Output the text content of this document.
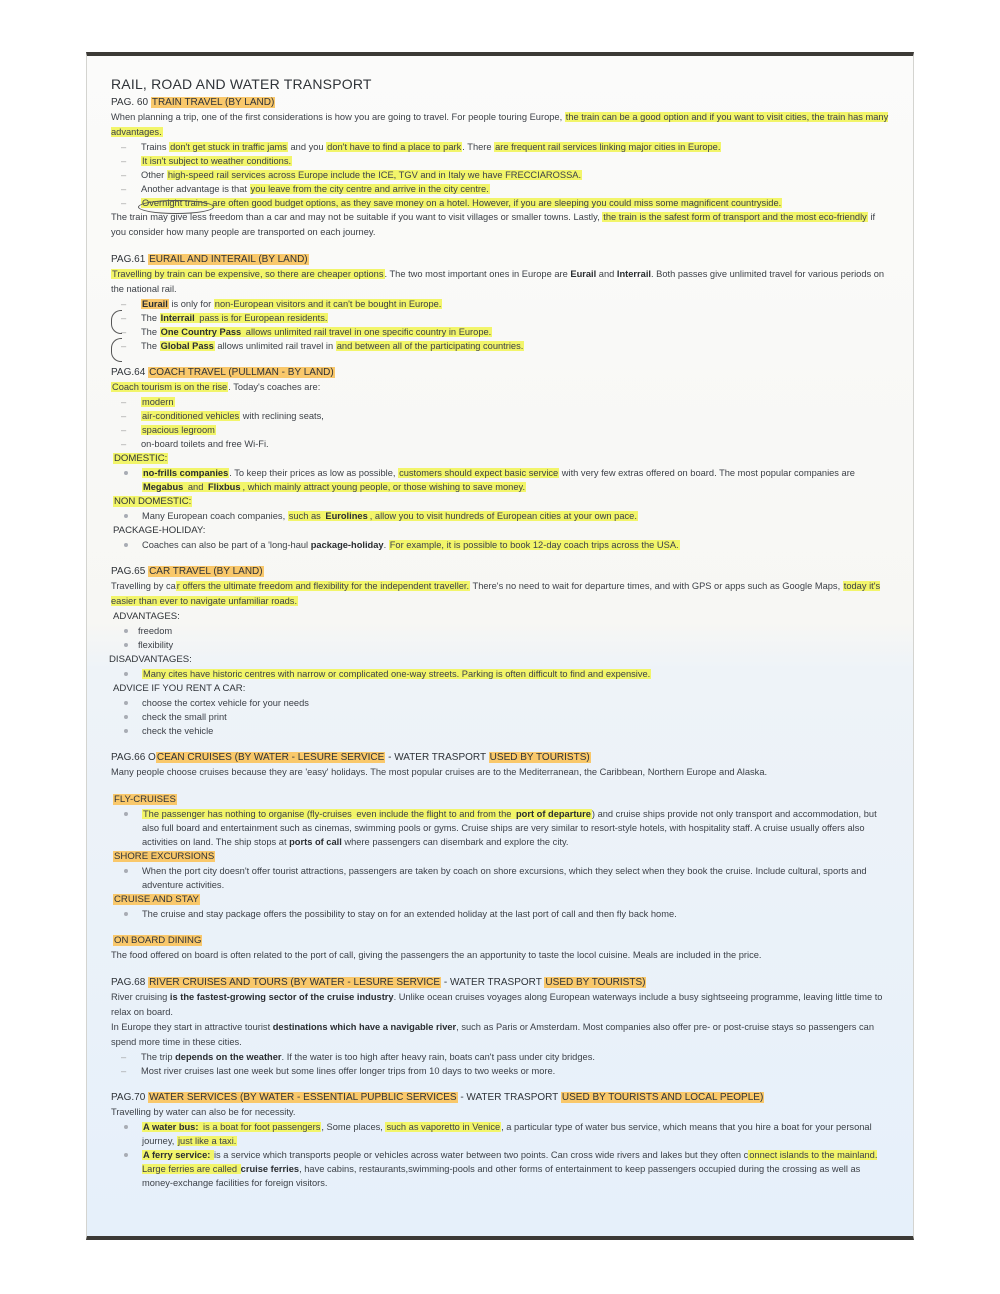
RAIL, ROAD AND WATER TRANSPORT

PAG. 60 TRAIN TRAVEL (BY LAND)

When planning a trip, one of the first considerations is how you are going to travel. For people touring Europe, the train can be a good option and if you want to visit cities, the train has many advantages.

– Trains don't get stuck in traffic jams and you don't have to find a place to park. There are frequent rail services linking major cities in Europe.
– It isn't subject to weather conditions.
– Other high-speed rail services across Europe include the ICE, TGV and in Italy we have FRECCIAROSSA.
– Another advantage is that you leave from the city centre and arrive in the city centre.
– Overnight trains are often good budget options, as they save money on a hotel. However, if you are sleeping you could miss some magnificent countryside.

The train may give less freedom than a car and may not be suitable if you want to visit villages or smaller towns. Lastly, the train is the safest form of transport and the most eco-friendly if you consider how many people are transported on each journey.

PAG.61 EURAIL AND INTERAIL (BY LAND)

Travelling by train can be expensive, so there are cheaper options. The two most important ones in Europe are Eurail and Interrail. Both passes give unlimited travel for various periods on the national rail.

– Eurail is only for non-European visitors and it can't be bought in Europe.
– The Interrail pass is for European residents.
– The One Country Pass allows unlimited rail travel in one specific country in Europe.
– The Global Pass allows unlimited rail travel in and between all of the participating countries.

PAG.64 COACH TRAVEL (PULLMAN - BY LAND)

Coach tourism is on the rise. Today's coaches are:

– modern
– air-conditioned vehicles with reclining seats,
– spacious legroom
– on-board toilets and free Wi-Fi.

DOMESTIC:

no-frills companies. To keep their prices as low as possible, customers should expect basic service with very few extras offered on board. The most popular companies are Megabus and Flixbus , which mainly attract young people, or those wishing to save money.

NON DOMESTIC:

Many European coach companies, such as Eurolines , allow you to visit hundreds of European cities at your own pace.

PACKAGE-HOLIDAY:

Coaches can also be part of a 'long-haul package-holiday. For example, it is possible to book 12-day coach trips across the USA.

PAG.65 CAR TRAVEL (BY LAND)

Travelling by car offers the ultimate freedom and flexibility for the independent traveller. There's no need to wait for departure times, and with GPS or apps such as Google Maps, today it's easier than ever to navigate unfamiliar roads.

ADVANTAGES:

freedom
flexibility

DISADVANTAGES:

Many cites have historic centres with narrow or complicated one-way streets. Parking is often difficult to find and expensive.

ADVICE IF YOU RENT A CAR:

choose the cortex vehicle for your needs
check the small print
check the vehicle

PAG.66 OCEAN CRUISES (BY WATER - LESURE SERVICE - WATER TRASPORT USED BY TOURISTS)

Many people choose cruises because they are 'easy' holidays. The most popular cruises are to the Mediterranean, the Caribbean, Northern Europe and Alaska.

FLY-CRUISES

The passenger has nothing to organise (fly-cruises even include the flight to and from the port of departure) and cruise ships provide not only transport and accommodation, but also full board and entertainment such as cinemas, swimming pools or gyms. Cruise ships are very similar to resort-style hotels, with hospitality staff. A cruise usually offers also activities on land. The ship stops at ports of call where passengers can disembark and explore the city.

SHORE EXCURSIONS

When the port city doesn't offer tourist attractions, passengers are taken by coach on shore excursions, which they select when they book the cruise. Include cultural, sports and adventure activities.

CRUISE AND STAY

The cruise and stay package offers the possibility to stay on for an extended holiday at the last port of call and then fly back home.

ON BOARD DINING

The food offered on board is often related to the port of call, giving the passengers the an apportunity to taste the locol cuisine. Meals are included in the price.

PAG.68 RIVER CRUISES AND TOURS (BY WATER - LESURE SERVICE - WATER TRASPORT USED BY TOURISTS)

River cruising is the fastest-growing sector of the cruise industry. Unlike ocean cruises voyages along European waterways include a busy sightseeing programme, leaving little time to relax on board.

In Europe they start in attractive tourist destinations which have a navigable river, such as Paris or Amsterdam. Most companies also offer pre- or post-cruise stays so passengers can spend more time in these cities.

– The trip depends on the weather. If the water is too high after heavy rain, boats can't pass under city bridges.
– Most river cruises last one week but some lines offer longer trips from 10 days to two weeks or more.

PAG.70 WATER SERVICES (BY WATER - ESSENTIAL PUPBLIC SERVICES - WATER TRASPORT USED BY TOURISTS AND LOCAL PEOPLE)

Travelling by water can also be for necessity.

A water bus: is a boat for foot passengers, Some places, such as vaporetto in Venice, a particular type of water bus service, which means that you hire a boat for your personal journey, just like a taxi.
A ferry service: is a service which transports people or vehicles across water between two points. Can cross wide rivers and lakes but they often connect islands to the mainland. Large ferries are called cruise ferries, have cabins, restaurants,swimming-pools and other forms of entertainment to keep passengers occupied during the crossing as well as money-exchange facilities for foreign visitors.
